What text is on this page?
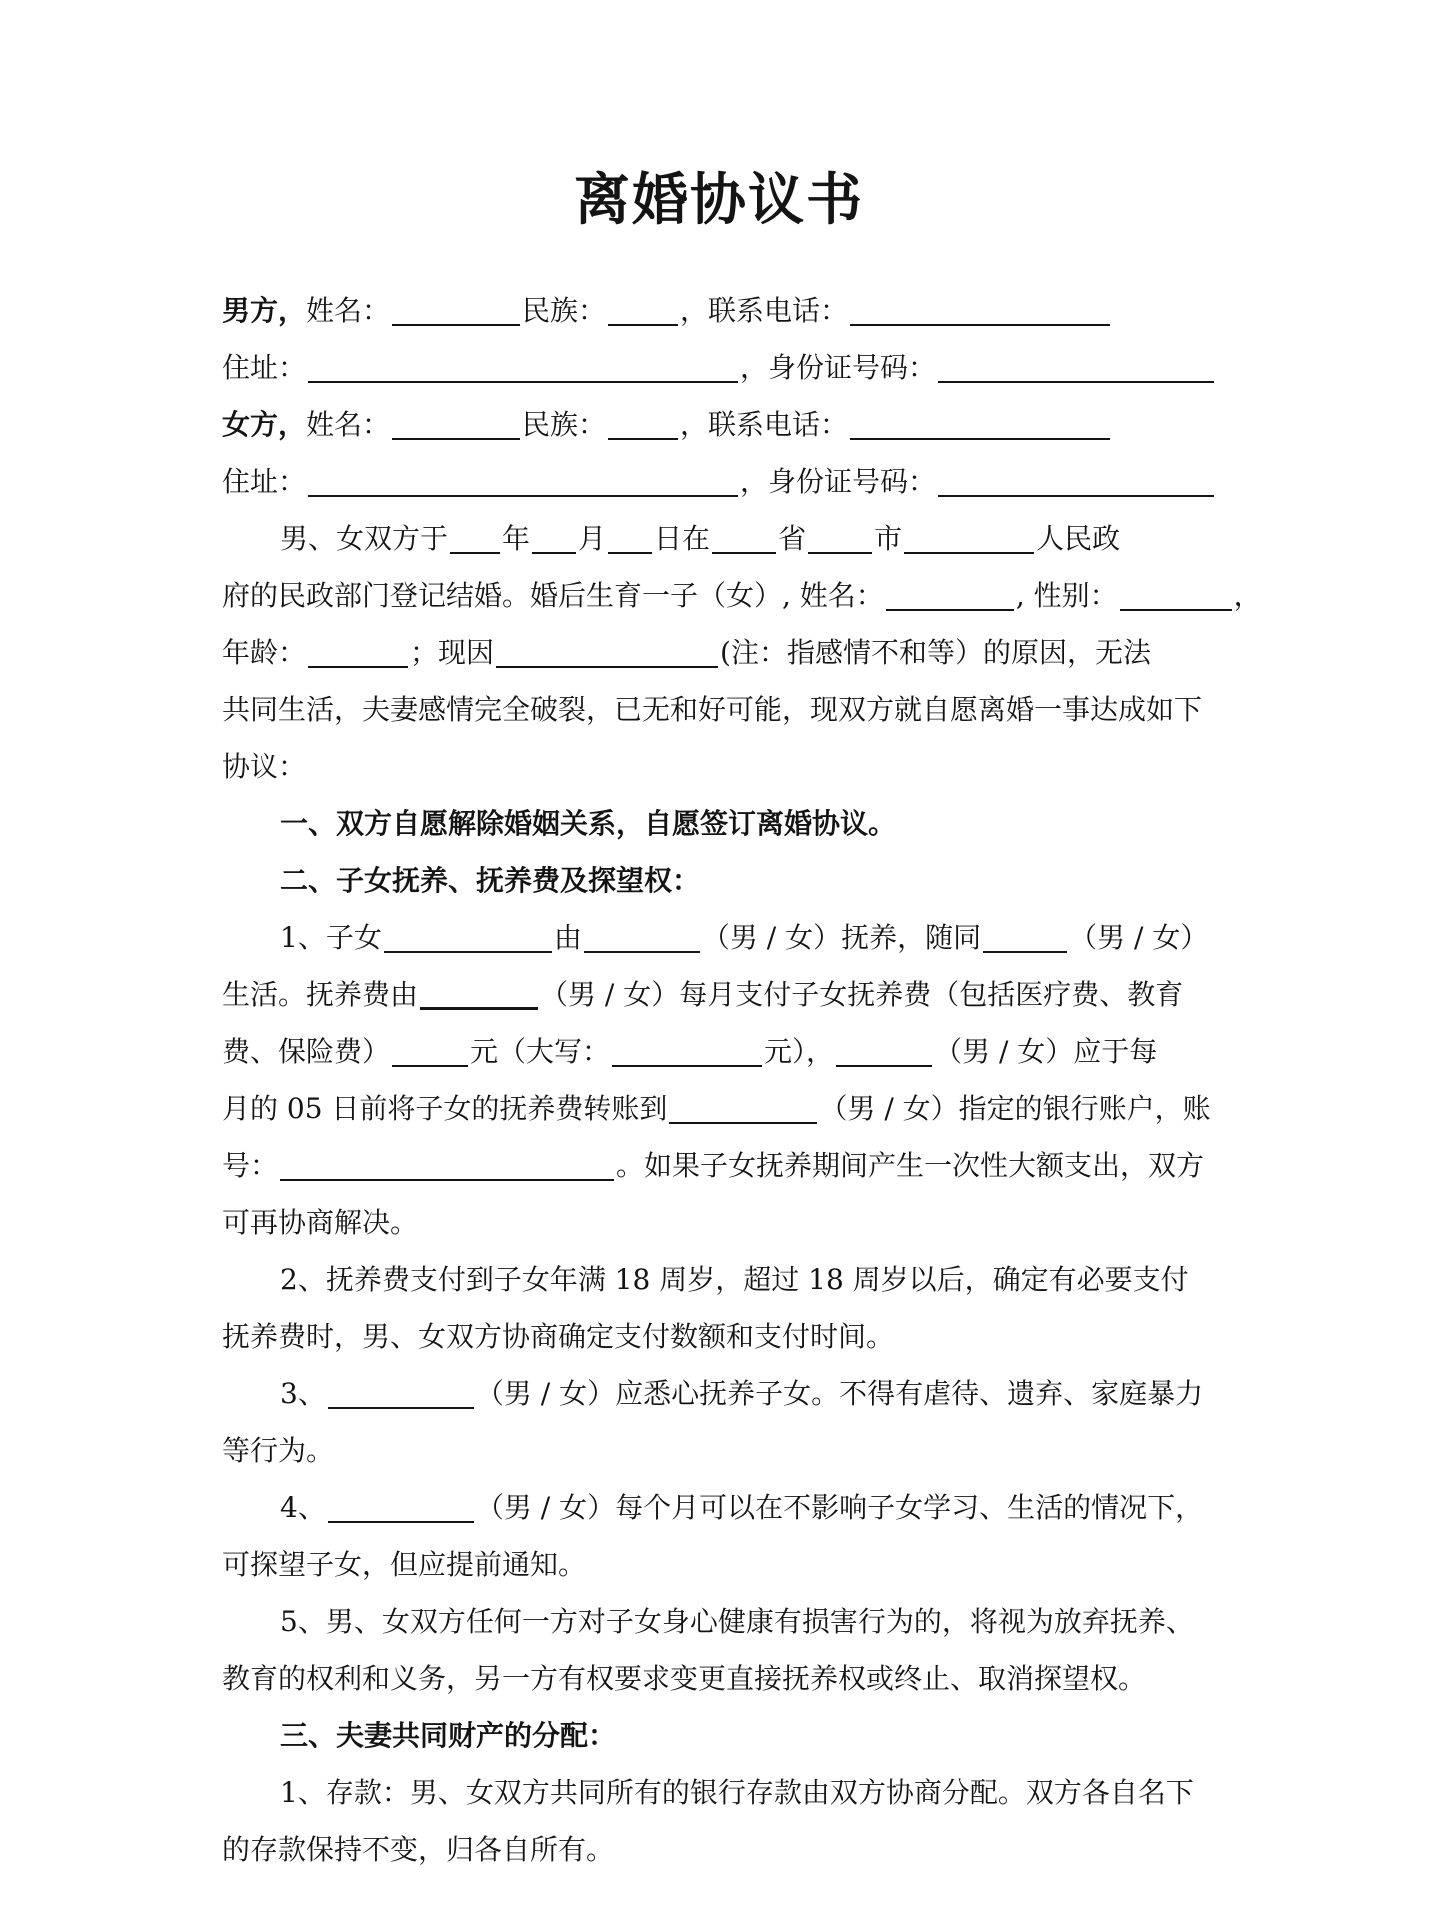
离婚协议书
男方，姓名：	民族：	，联系电话：
住址：	，身份证号码：
女方，姓名：	民族：	，联系电话：
住址：	，身份证号码：
男、女双方于 年 月 日在 省 市	人民政
府的民政部门登记结婚。婚后生育一子（女）, 姓名：	, 性别：	，
年龄：	；现因	(注：指感情不和等）的原因，无法
共同生活，夫妻感情完全破裂，已无和好可能，现双方就自愿离婚一事达成如下
协议：
一、双方自愿解除婚姻关系，自愿签订离婚协议。
二、子女抚养、抚养费及探望权：
1、子女	由	（男 / 女）抚养，随同	（男 / 女）
生活。抚养费由	（男 / 女）每月支付子女抚养费（包括医疗费、教育
费、保险费）	元（大写：	元），	（男 / 女）应于每
月的 05 日前将子女的抚养费转账到	（男 / 女）指定的银行账户，账
号：	。如果子女抚养期间产生一次性大额支出，双方
可再协商解决。
2、抚养费支付到子女年满 18 周岁，超过 18 周岁以后，确定有必要支付
抚养费时，男、女双方协商确定支付数额和支付时间。
3、	（男 / 女）应悉心抚养子女。不得有虐待、遗弃、家庭暴力
等行为。
4、	（男 / 女）每个月可以在不影响子女学习、生活的情况下，
可探望子女，但应提前通知。
5、男、女双方任何一方对子女身心健康有损害行为的，将视为放弃抚养、
教育的权利和义务，另一方有权要求变更直接抚养权或终止、取消探望权。
三、夫妻共同财产的分配：
1、存款：男、女双方共同所有的银行存款由双方协商分配。双方各自名下
的存款保持不变，归各自所有。
